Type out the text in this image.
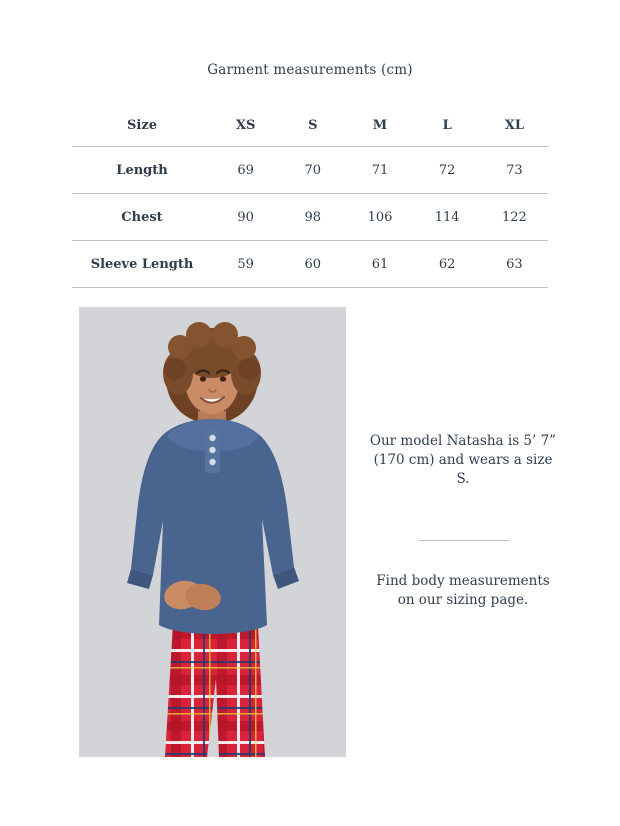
Garment measurements (cm)
Size	XS	S	M	L	XL
Length	69	70	71	72	73
Chest	90	98	106	114	122
Sleeve Length	59	60	61	62	63
Our model Natasha is 5’ 7” (170 cm) and wears a size S.
Find body measurements on our sizing page.
